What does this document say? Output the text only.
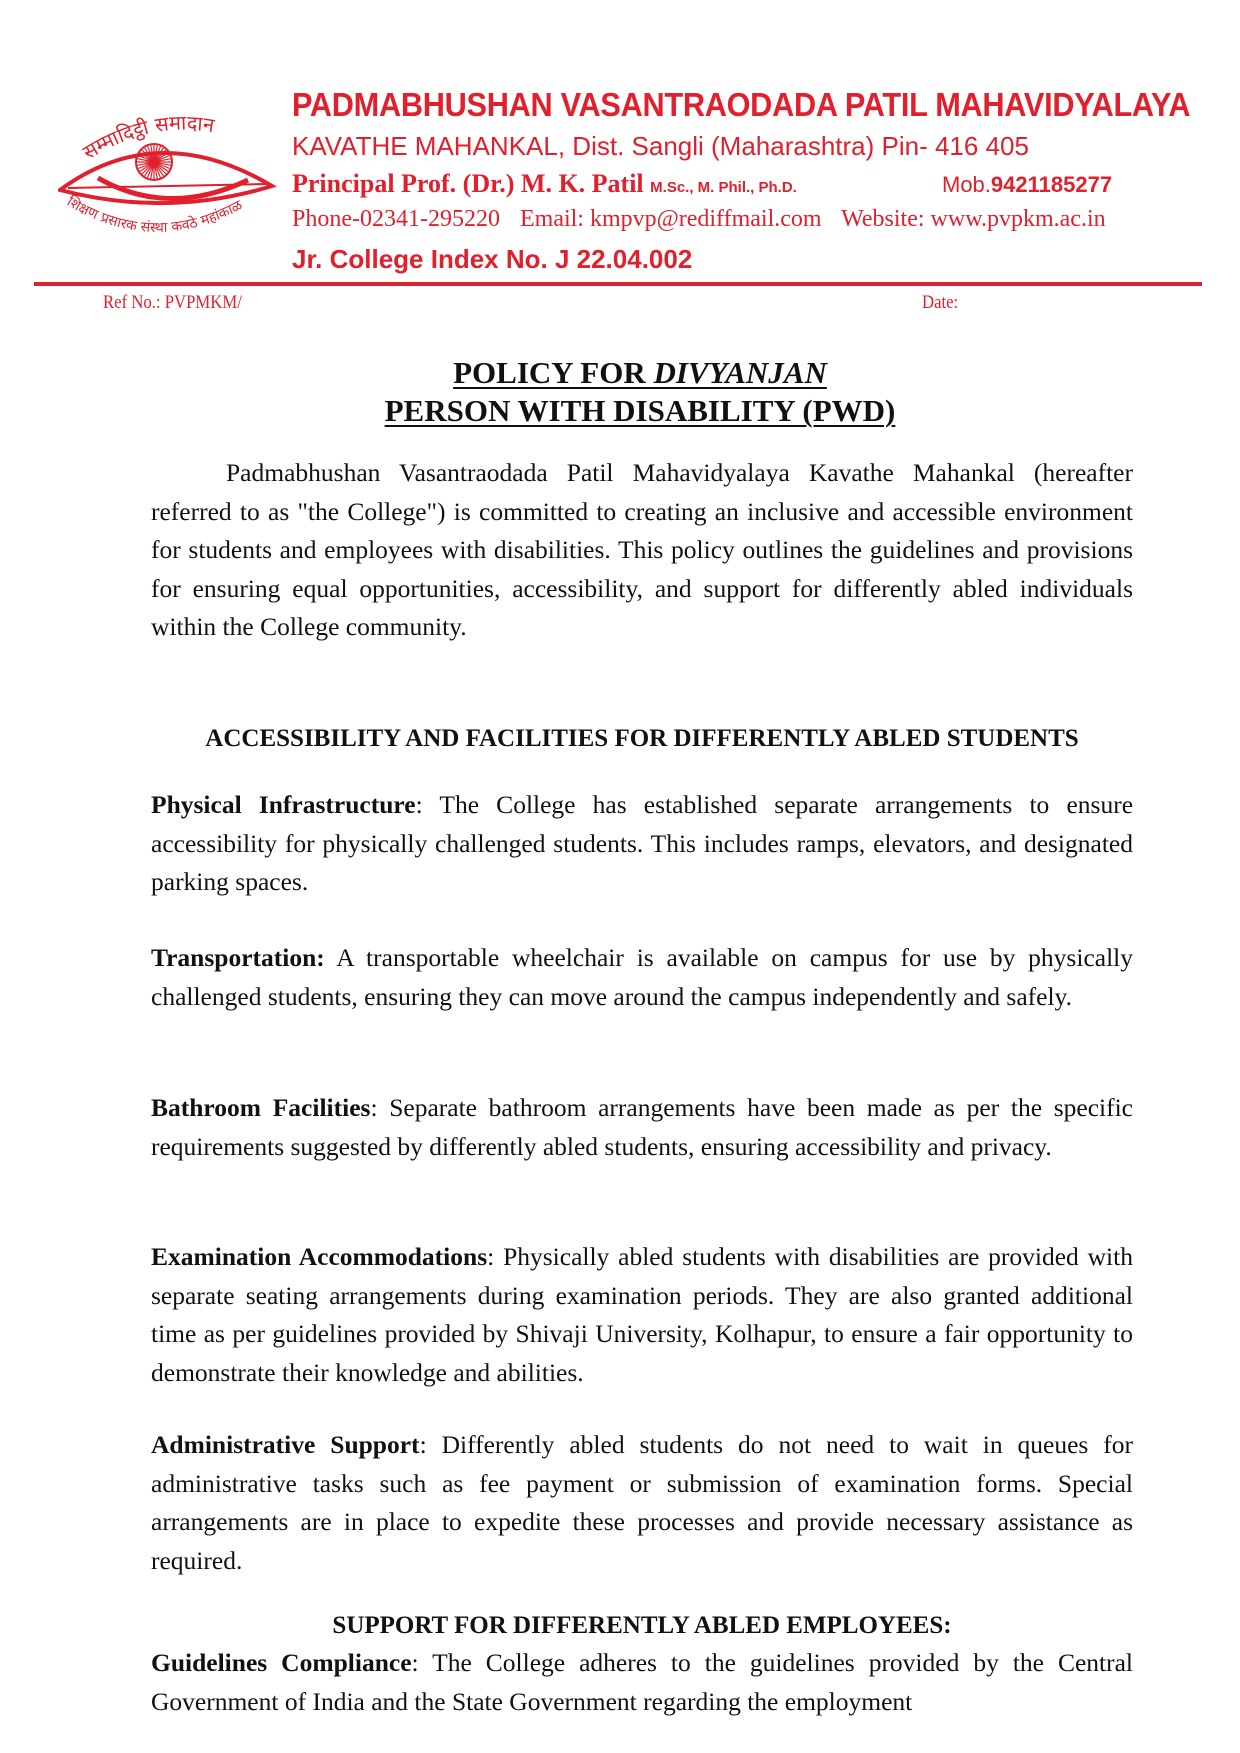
सम्मादिट्ठी समादान
शिक्षण प्रसारक संस्था कवठे महांकाळ
PADMABHUSHAN VASANTRAODADA PATIL MAHAVIDYALAYA
KAVATHE MAHANKAL, Dist. Sangli (Maharashtra) Pin- 416 405
Principal Prof. (Dr.) M. K. Patil M.Sc., M. Phil., Ph.D.	Mob.9421185277
Phone-02341-295220 Email: kmpvp@rediffmail.com Website: www.pvpkm.ac.in
Jr. College Index No. J 22.04.002
Ref No.: PVPMKM/	Date:
POLICY FOR DIVYANJAN
PERSON WITH DISABILITY (PWD)
Padmabhushan Vasantraodada Patil Mahavidyalaya Kavathe Mahankal (hereafter referred to as "the College") is committed to creating an inclusive and accessible environment for students and employees with disabilities. This policy outlines the guidelines and provisions for ensuring equal opportunities, accessibility, and support for differently abled individuals within the College community.
ACCESSIBILITY AND FACILITIES FOR DIFFERENTLY ABLED STUDENTS
Physical Infrastructure: The College has established separate arrangements to ensure accessibility for physically challenged students. This includes ramps, elevators, and designated parking spaces.
Transportation: A transportable wheelchair is available on campus for use by physically challenged students, ensuring they can move around the campus independently and safely.
Bathroom Facilities: Separate bathroom arrangements have been made as per the specific requirements suggested by differently abled students, ensuring accessibility and privacy.
Examination Accommodations: Physically abled students with disabilities are provided with separate seating arrangements during examination periods. They are also granted additional time as per guidelines provided by Shivaji University, Kolhapur, to ensure a fair opportunity to demonstrate their knowledge and abilities.
Administrative Support: Differently abled students do not need to wait in queues for administrative tasks such as fee payment or submission of examination forms. Special arrangements are in place to expedite these processes and provide necessary assistance as required.
SUPPORT FOR DIFFERENTLY ABLED EMPLOYEES:
Guidelines Compliance: The College adheres to the guidelines provided by the Central Government of India and the State Government regarding the employment
